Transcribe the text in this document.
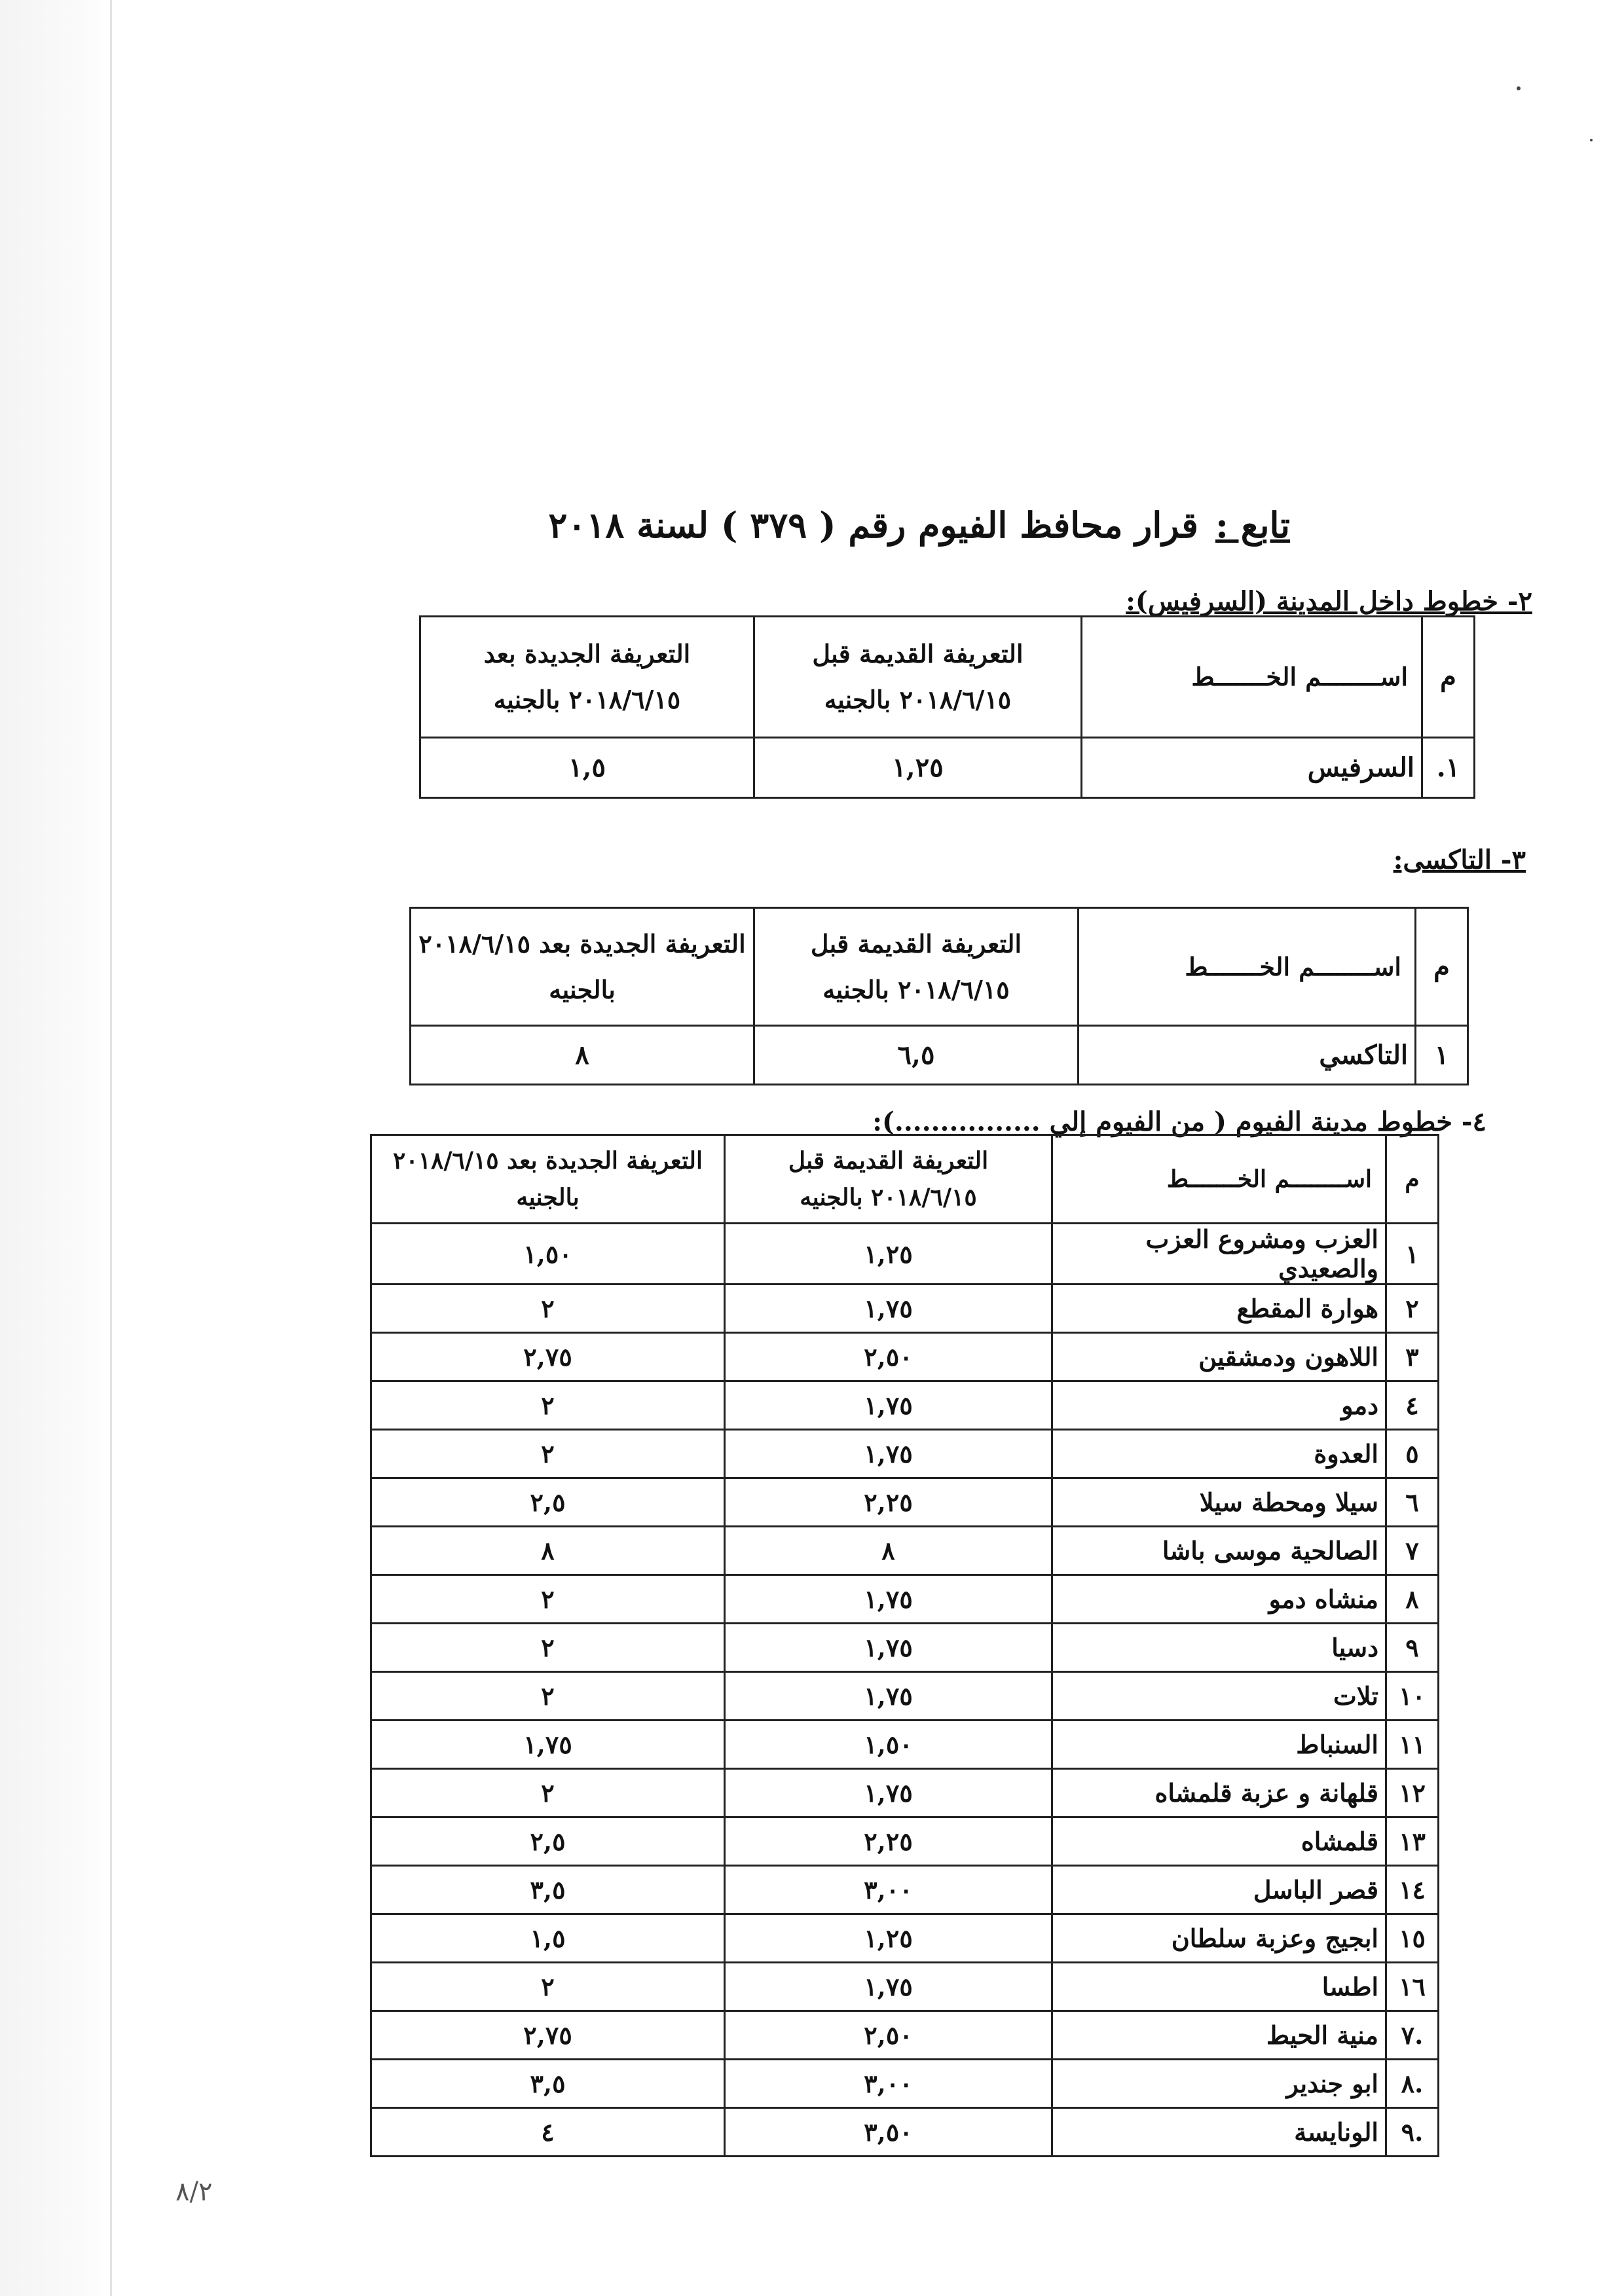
تابع :قرار محافظ الفيوم رقم ( ٣٧٩ ) لسنة ٢٠١٨
٢- خطوط داخل المدينة (السرفيس):
م	اســــــــم الخـــــــط	التعريفة القديمة قبل ٢٠١٨/٦/١٥ بالجنيه	التعريفة الجديدة بعد ٢٠١٨/٦/١٥ بالجنيه
١.	السرفيس	١,٢٥	١,٥
٣- التاكسى:
م	اســــــــم الخـــــــط	التعريفة القديمة قبل ٢٠١٨/٦/١٥ بالجنيه	التعريفة الجديدة بعد ٢٠١٨/٦/١٥ بالجنيه
١	التاكسي	٦,٥	٨
٤- خطوط مدينة الفيوم ( من الفيوم إلي ................):
م	اســــــــم الخـــــــط	التعريفة القديمة قبل ٢٠١٨/٦/١٥ بالجنيه	التعريفة الجديدة بعد ٢٠١٨/٦/١٥ بالجنيه
١	العزب ومشروع العزب والصعيدي	١,٢٥	١,٥٠
٢	هوارة المقطع	١,٧٥	٢
٣	اللاهون ودمشقين	٢,٥٠	٢,٧٥
٤	دمو	١,٧٥	٢
٥	العدوة	١,٧٥	٢
٦	سيلا ومحطة سيلا	٢,٢٥	٢,٥
٧	الصالحية موسى باشا	٨	٨
٨	منشاه دمو	١,٧٥	٢
٩	دسيا	١,٧٥	٢
١٠	تلات	١,٧٥	٢
١١	السنباط	١,٥٠	١,٧٥
١٢	قلهانة و عزبة قلمشاه	١,٧٥	٢
١٣	قلمشاه	٢,٢٥	٢,٥
١٤	قصر الباسل	٣,٠٠	٣,٥
١٥	ابجيج وعزبة سلطان	١,٢٥	١,٥
١٦	اطسا	١,٧٥	٢
.٧	منية الحيط	٢,٥٠	٢,٧٥
.٨	ابو جندير	٣,٠٠	٣,٥
.٩	الونايسة	٣,٥٠	٤
٨/٢
